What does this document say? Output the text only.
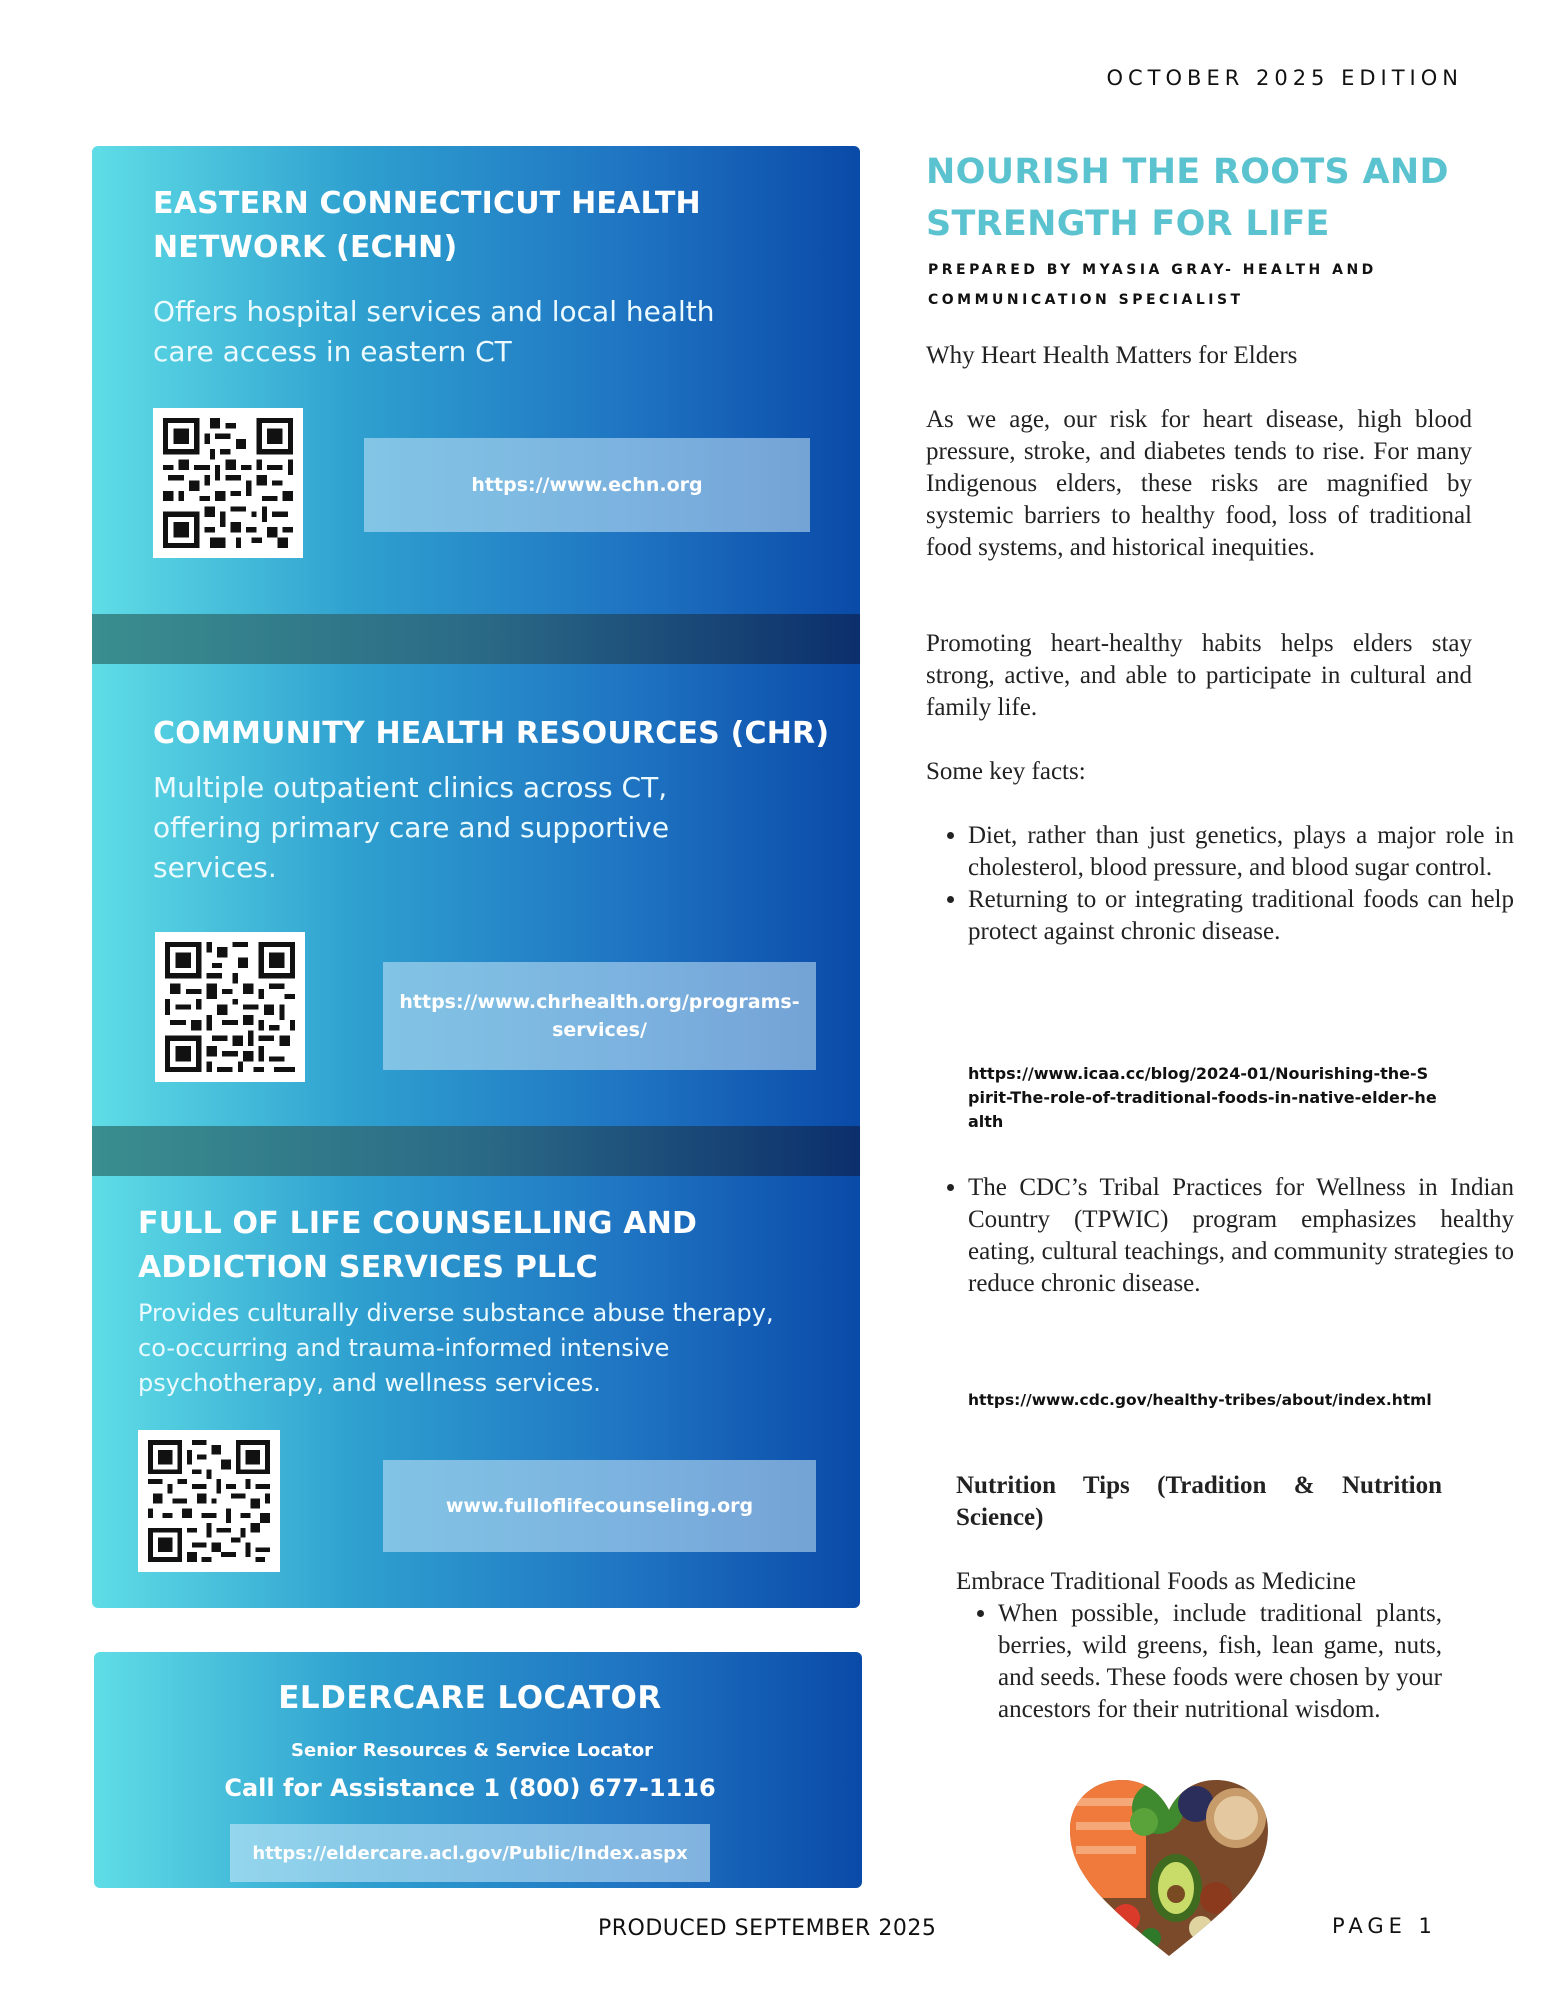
OCTOBER 2025 EDITION
EASTERN CONNECTICUT HEALTH NETWORK (ECHN)

Offers hospital services and local health care access in eastern CT

https://www.echn.org
COMMUNITY HEALTH RESOURCES (CHR)

Multiple outpatient clinics across CT, offering primary care and supportive services.

https://www.chrhealth.org/programs-services/
FULL OF LIFE COUNSELLING AND ADDICTION SERVICES PLLC

Provides culturally diverse substance abuse therapy, co-occurring and trauma-informed intensive psychotherapy, and wellness services.

www.fulloflifecounseling.org
ELDERCARE LOCATOR
Senior Resources & Service Locator
Call for Assistance 1 (800) 677-1116
https://eldercare.acl.gov/Public/Index.aspx
NOURISH THE ROOTS AND STRENGTH FOR LIFE

PREPARED BY MYASIA GRAY- HEALTH AND COMMUNICATION SPECIALIST

Why Heart Health Matters for Elders

As we age, our risk for heart disease, high blood pressure, stroke, and diabetes tends to rise. For many Indigenous elders, these risks are magnified by systemic barriers to healthy food, loss of traditional food systems, and historical inequities.

Promoting heart-healthy habits helps elders stay strong, active, and able to participate in cultural and family life.

Some key facts:
• Diet, rather than just genetics, plays a major role in cholesterol, blood pressure, and blood sugar control.
• Returning to or integrating traditional foods can help protect against chronic disease.
https://www.icaa.cc/blog/2024-01/Nourishing-the-Spirit-The-role-of-traditional-foods-in-native-elder-health
• The CDC’s Tribal Practices for Wellness in Indian Country (TPWIC) program emphasizes healthy eating, cultural teachings, and community strategies to reduce chronic disease.
https://www.cdc.gov/healthy-tribes/about/index.html
Nutrition Tips (Tradition & Nutrition Science)
Embrace Traditional Foods as Medicine
• When possible, include traditional plants, berries, wild greens, fish, lean game, nuts, and seeds. These foods were chosen by your ancestors for their nutritional wisdom.
PRODUCED SEPTEMBER 2025	PAGE 1
